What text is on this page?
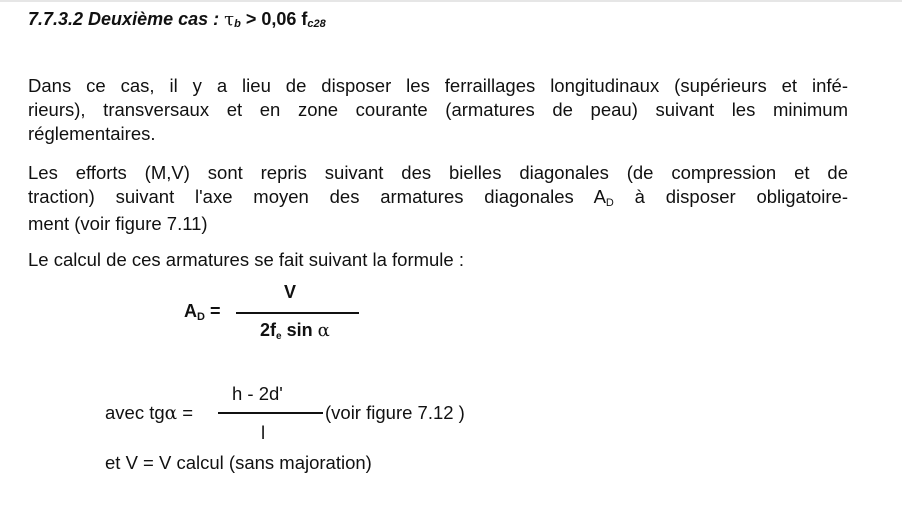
7.7.3.2 Deuxième cas : $\tau_b > 0,06$ $f_{c28}$
Dans ce cas, il y a lieu de disposer les ferraillages longitudinaux (supérieurs et infé-
rieurs), transversaux et en zone courante (armatures de peau) suivant les minimum
réglementaires.
Les efforts (M,V) sont repris suivant des bielles diagonales (de compression et de
traction) suivant l'axe moyen des armatures diagonales $A_D$ à disposer obligatoire-
ment (voir figure 7.11)
Le calcul de ces armatures se fait suivant la formule :
$A_D$ =
V
$2f_e$ sin α
avec tgα =
h - 2d'
l
(voir figure 7.12 )
et V = V calcul (sans majoration)
